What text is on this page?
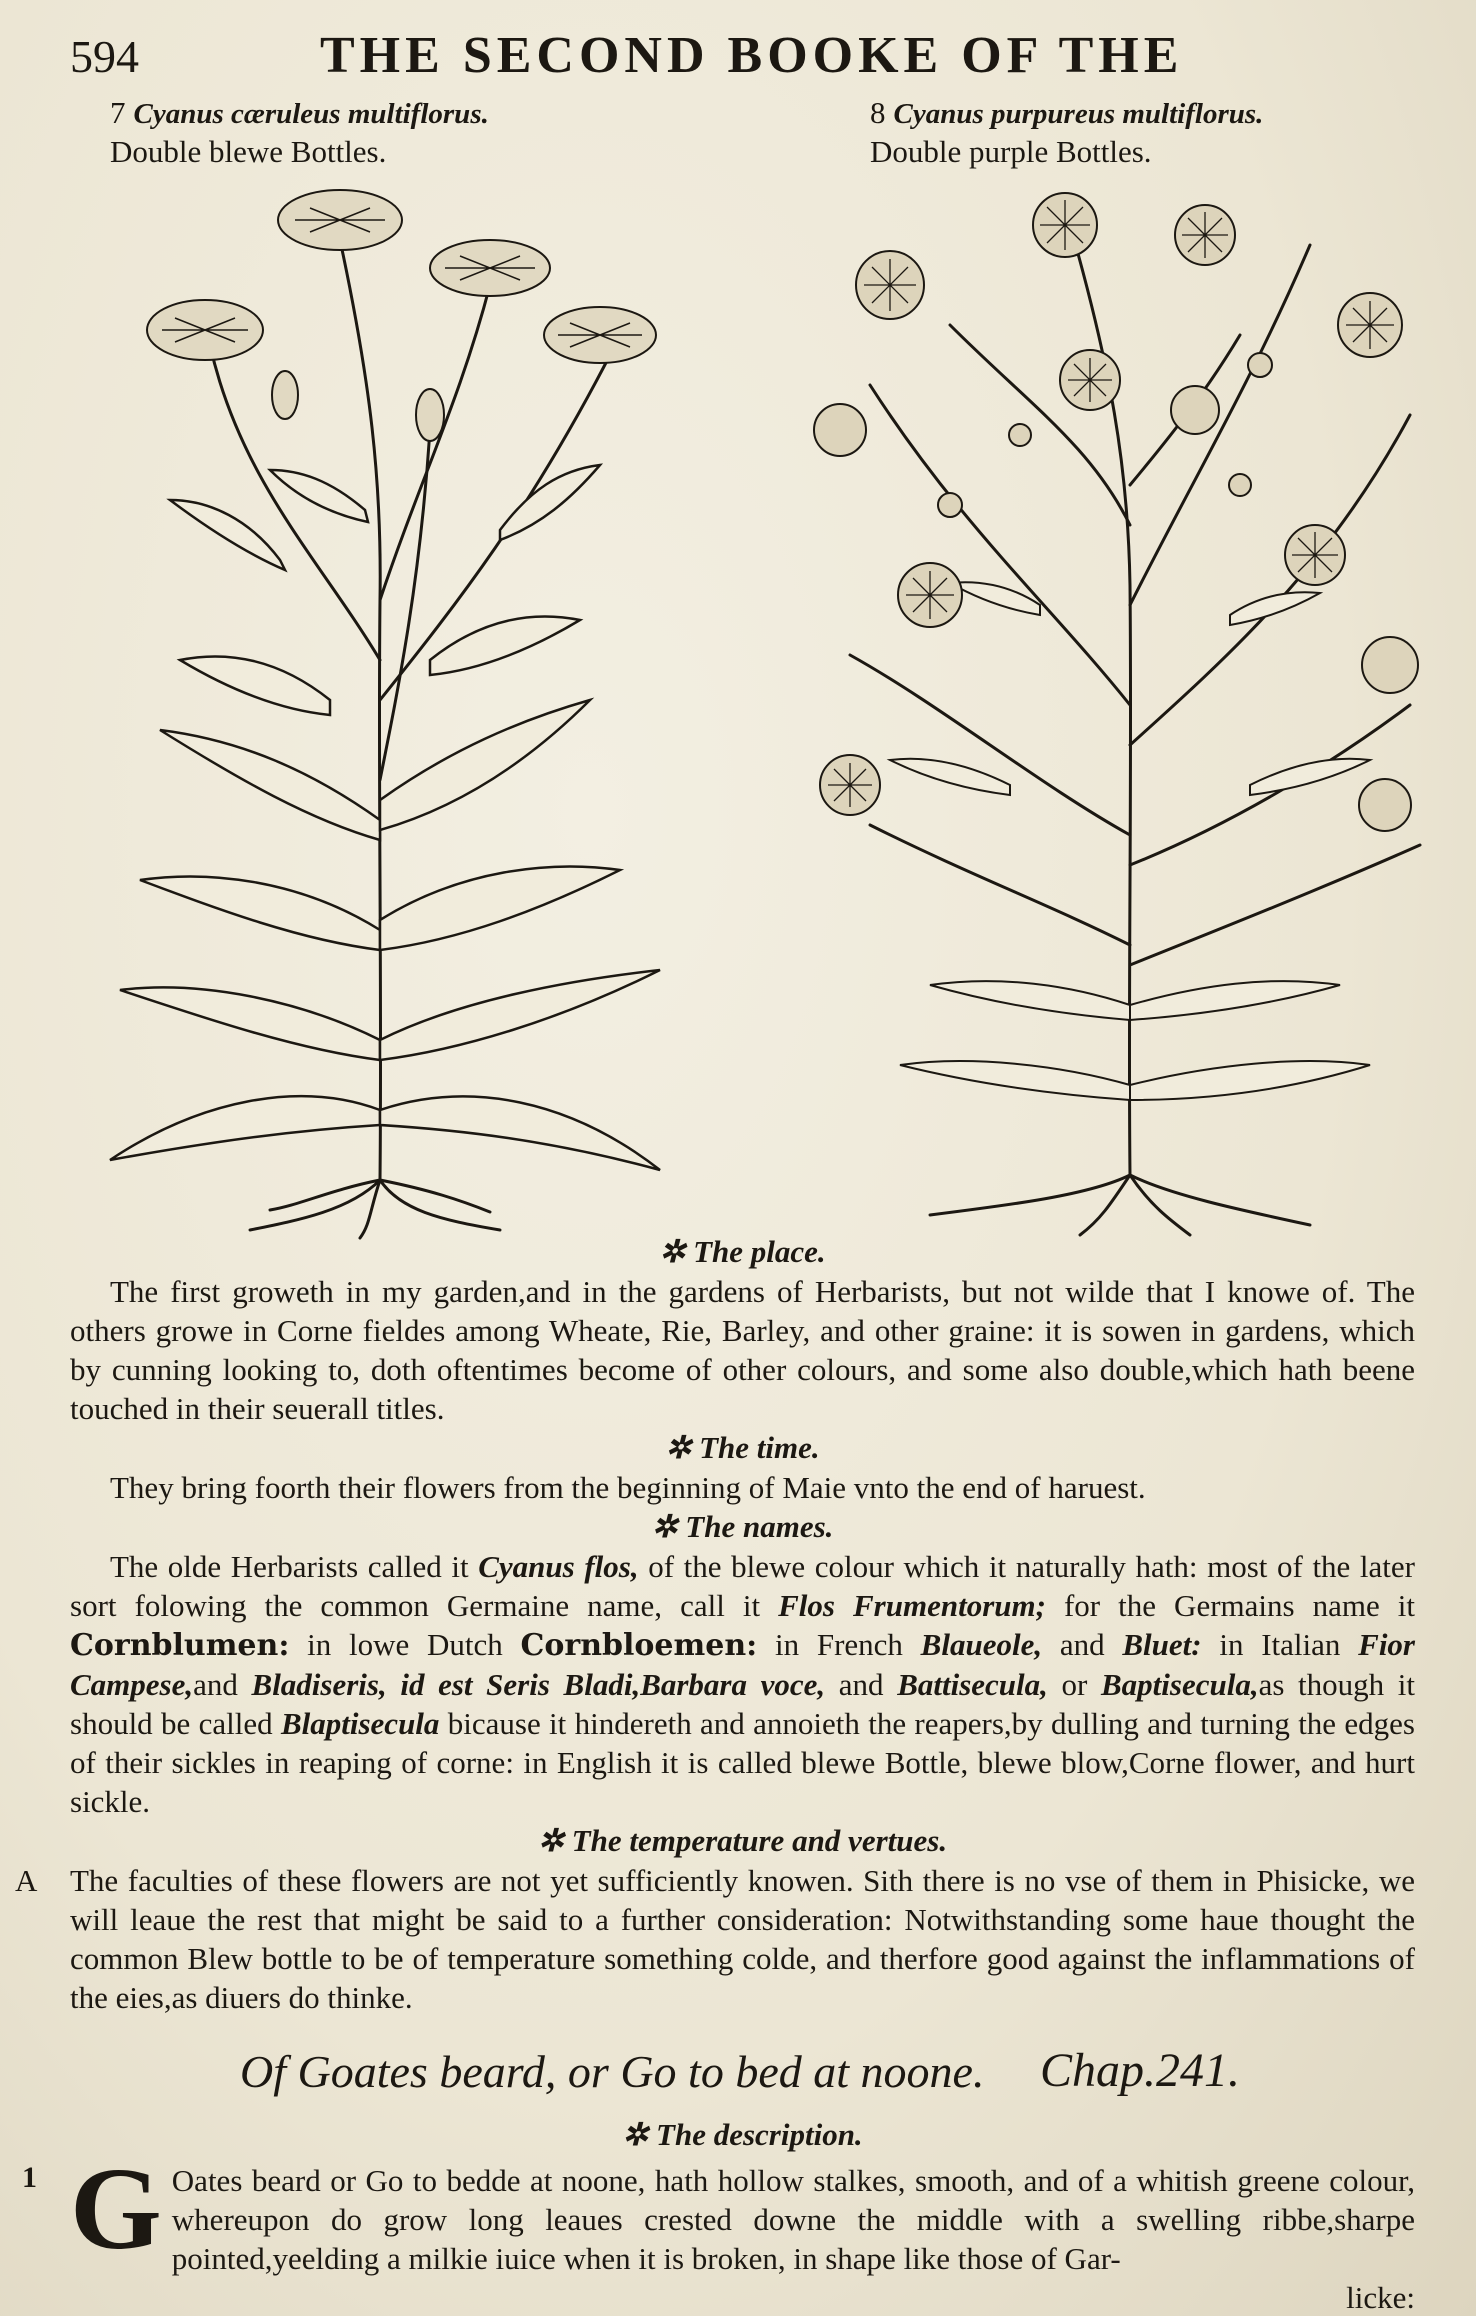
594	THE SECOND BOOKE OF THE
7 Cyanus cæruleus multiflorus.
Double blewe Bottles.
8 Cyanus purpureus multiflorus.
Double purple Bottles.
✲ The place.
The first groweth in my garden,and in the gardens of Herbarists, but not wilde that I knowe of. The others growe in Corne fieldes among Wheate, Rie, Barley, and other graine: it is sowen in gardens, which by cunning looking to, doth oftentimes become of other colours, and some also double,which hath beene touched in their seuerall titles.
✲ The time.
They bring foorth their flowers from the beginning of Maie vnto the end of haruest.
✲ The names.
The olde Herbarists called it Cyanus flos, of the blewe colour which it naturally hath: most of the later sort folowing the common Germaine name, call it Flos Frumentorum; for the Germains name it Cornblumen: in lowe Dutch Cornbloemen: in French Blaueole, and Bluet: in Italian Fior Campese,and Bladiseris, id est Seris Bladi,Barbara voce, and Battisecula, or Baptisecula,as though it should be called Blaptisecula bicause it hindereth and annoieth the reapers,by dulling and turning the edges of their sickles in reaping of corne: in English it is called blewe Bottle, blewe blow,Corne flower, and hurt sickle.
✲ The temperature and vertues.
A The faculties of these flowers are not yet sufficiently knowen. Sith there is no vse of them in Phisicke, we will leaue the rest that might be said to a further consideration: Notwithstanding some haue thought the common Blew bottle to be of temperature something colde, and therfore good against the inflammations of the eies,as diuers do thinke.
Of Goates beard, or Go to bed at noone. Chap.241.
✲ The description.
1 G Oates beard or Go to bedde at noone, hath hollow stalkes, smooth, and of a whitish greene colour, whereupon do grow long leaues crested downe the middle with a swelling ribbe,sharpe pointed,yeelding a milkie iuice when it is broken, in shape like those of Gar-
licke:
